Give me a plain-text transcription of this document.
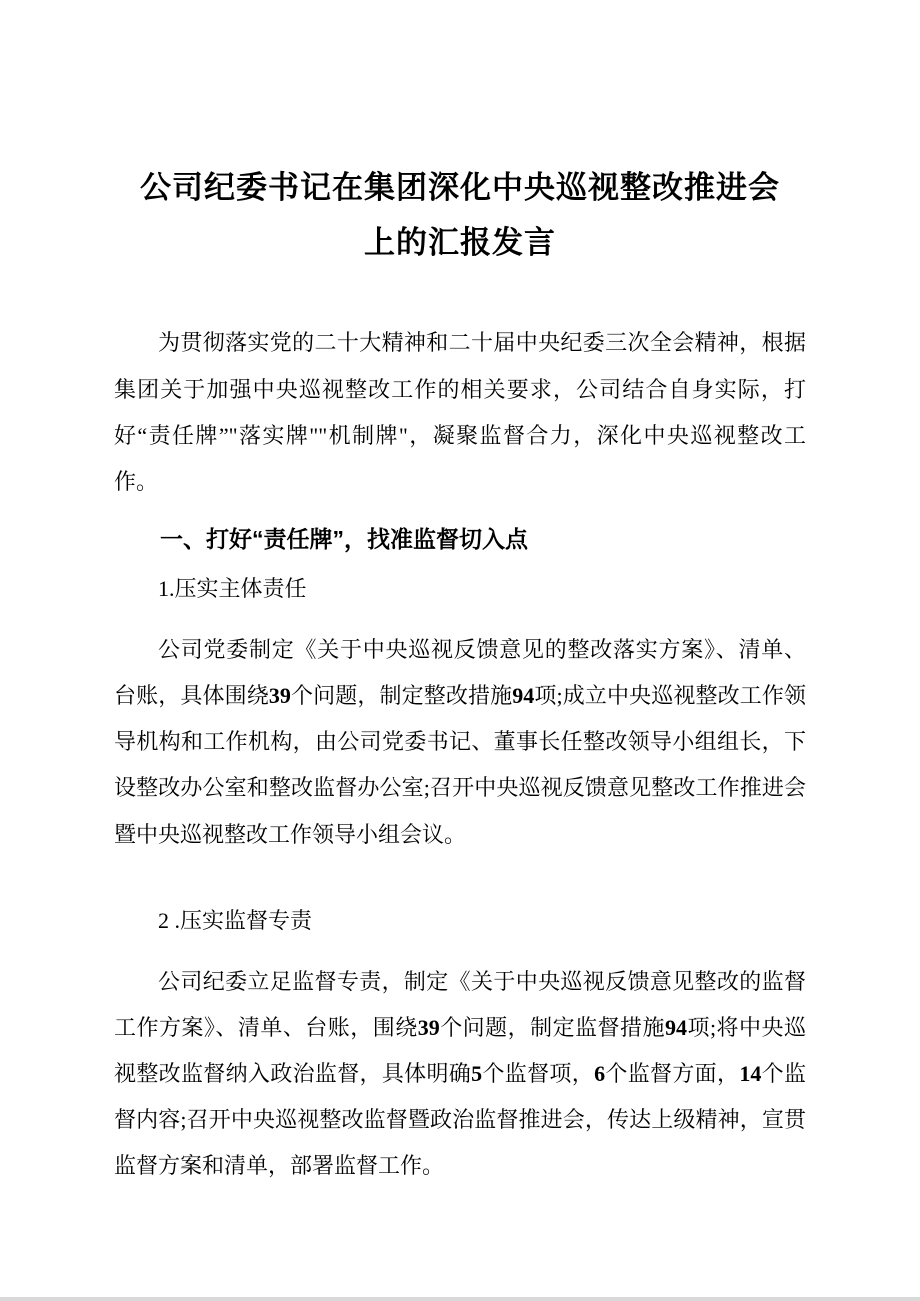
公司纪委书记在集团深化中央巡视整改推进会
上的汇报发言

为贯彻落实党的二十大精神和二十届中央纪委三次全会精神，根据集团关于加强中央巡视整改工作的相关要求，公司结合自身实际，打好“责任牌”"落实牌""机制牌"，凝聚监督合力，深化中央巡视整改工作。

一、打好“责任牌”，找准监督切入点

1.压实主体责任

公司党委制定《关于中央巡视反馈意见的整改落实方案》、清单、台账，具体围绕39个问题，制定整改措施94项;成立中央巡视整改工作领导机构和工作机构，由公司党委书记、董事长任整改领导小组组长，下设整改办公室和整改监督办公室;召开中央巡视反馈意见整改工作推进会暨中央巡视整改工作领导小组会议。

2 .压实监督专责

公司纪委立足监督专责，制定《关于中央巡视反馈意见整改的监督工作方案》、清单、台账，围绕39个问题，制定监督措施94项;将中央巡视整改监督纳入政治监督，具体明确5个监督项，6个监督方面，14个监督内容;召开中央巡视整改监督暨政治监督推进会，传达上级精神，宣贯监督方案和清单，部署监督工作。
